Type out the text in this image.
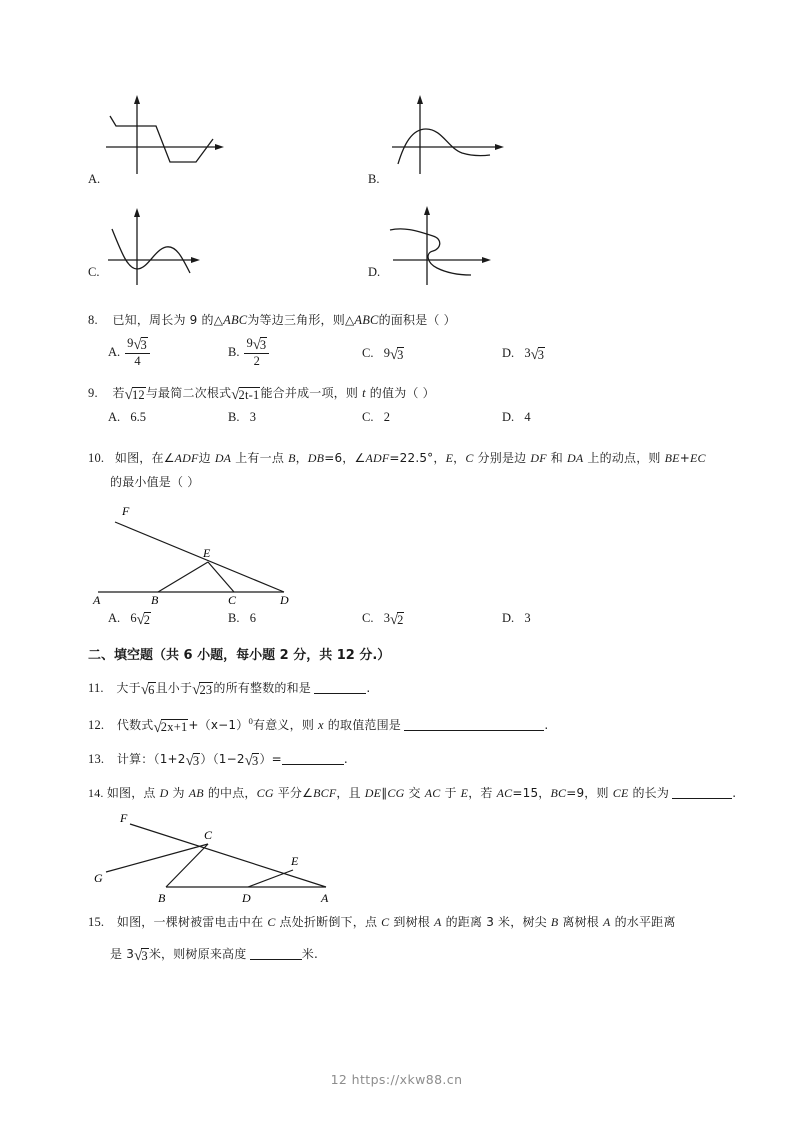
A.	B.
C.	D.
8. 已知，周长为 9 的△ABC为等边三角形，则△ABC的面积是（ ）
A. $\frac{9√3}{4}$	B. $\frac{9√3}{2}$	C. 9√3	D. 3√3
9. 若√12与最简二次根式√2t-1能合并成一项，则 t 的值为（ ）
A. 6.5	B. 3	C. 2	D. 4
10. 如图，在∠ADF边 DA 上有一点 B，DB=6，∠ADF=22.5°，E，C 分别是边 DF 和 DA 上的动点，则 BE+EC
的最小值是（ ）
F
E
A	B	C	D
A. 6√2	B. 6	C. 3√2	D. 3
二、填空题（共 6 小题，每小题 2 分，共 12 分.）
11. 大于√6且小于√23的所有整数的和是	.
12. 代数式$√2x+1+(x-1)^0$有意义，则 x 的取值范围是	.
13. 计算：（1+2√3）（1−2√3）=	.
14. 如图，点 D 为 AB 的中点，CG 平分∠BCF，且 DE∥CG 交 AC 于 E，若 AC=15，BC=9，则 CE 的长为	.
F
C
G
E
B	D	A
15. 如图，一棵树被雷电击中在 C 点处折断倒下，点 C 到树根 A 的距离 3 米，树尖 B 离树根 A 的水平距离
是 3√3米，则树原来高度	米.
12 https://xkw88.cn
